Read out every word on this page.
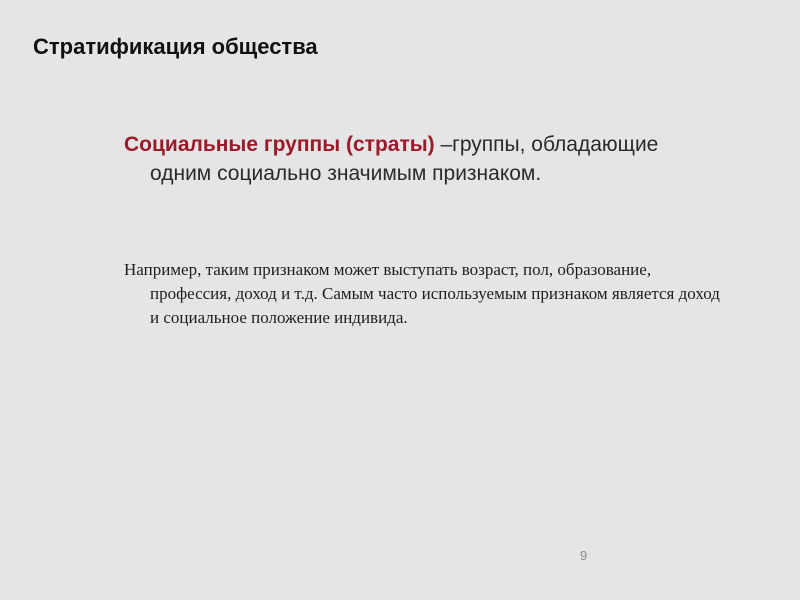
Стратификация общества

Социальные группы (страты) –группы, обладающие одним социально значимым признаком.

Например, таким признаком может выступать возраст, пол, образование, профессия, доход и т.д. Самым часто используемым признаком является доход и социальное положение индивида.

9
